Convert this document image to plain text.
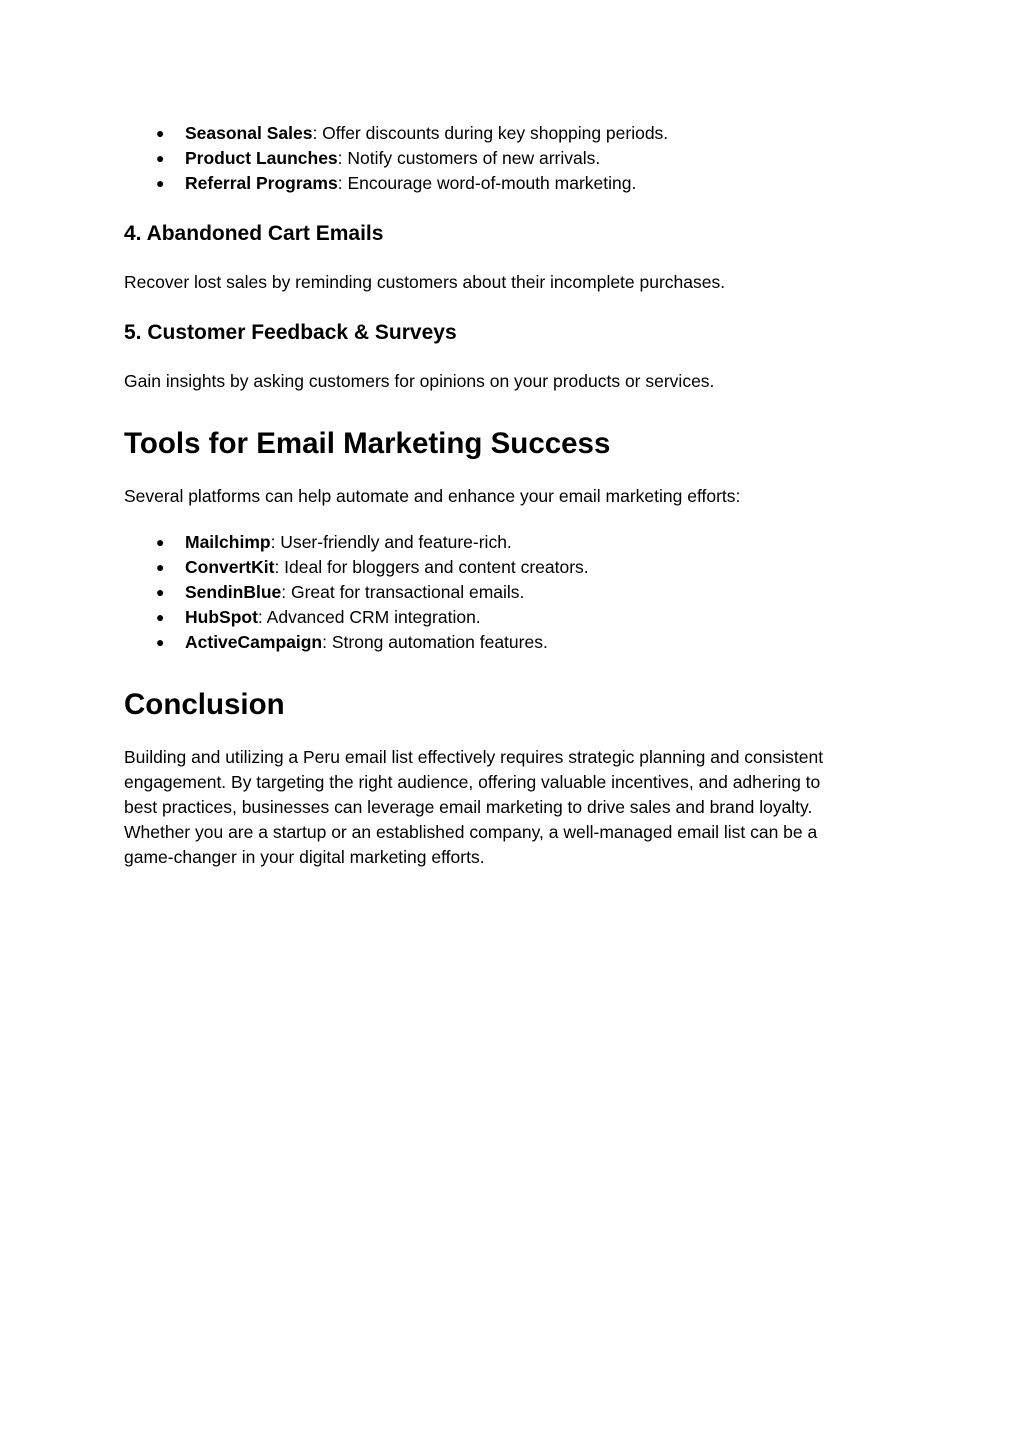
● Seasonal Sales: Offer discounts during key shopping periods.
● Product Launches: Notify customers of new arrivals.
● Referral Programs: Encourage word-of-mouth marketing.
4. Abandoned Cart Emails

Recover lost sales by reminding customers about their incomplete purchases.

5. Customer Feedback & Surveys

Gain insights by asking customers for opinions on your products or services.

Tools for Email Marketing Success

Several platforms can help automate and enhance your email marketing efforts:

● Mailchimp: User-friendly and feature-rich.
● ConvertKit: Ideal for bloggers and content creators.
● SendinBlue: Great for transactional emails.
● HubSpot: Advanced CRM integration.
● ActiveCampaign: Strong automation features.
Conclusion

Building and utilizing a Peru email list effectively requires strategic planning and consistent

engagement. By targeting the right audience, offering valuable incentives, and adhering to

best practices, businesses can leverage email marketing to drive sales and brand loyalty.

Whether you are a startup or an established company, a well-managed email list can be a

game-changer in your digital marketing efforts.
